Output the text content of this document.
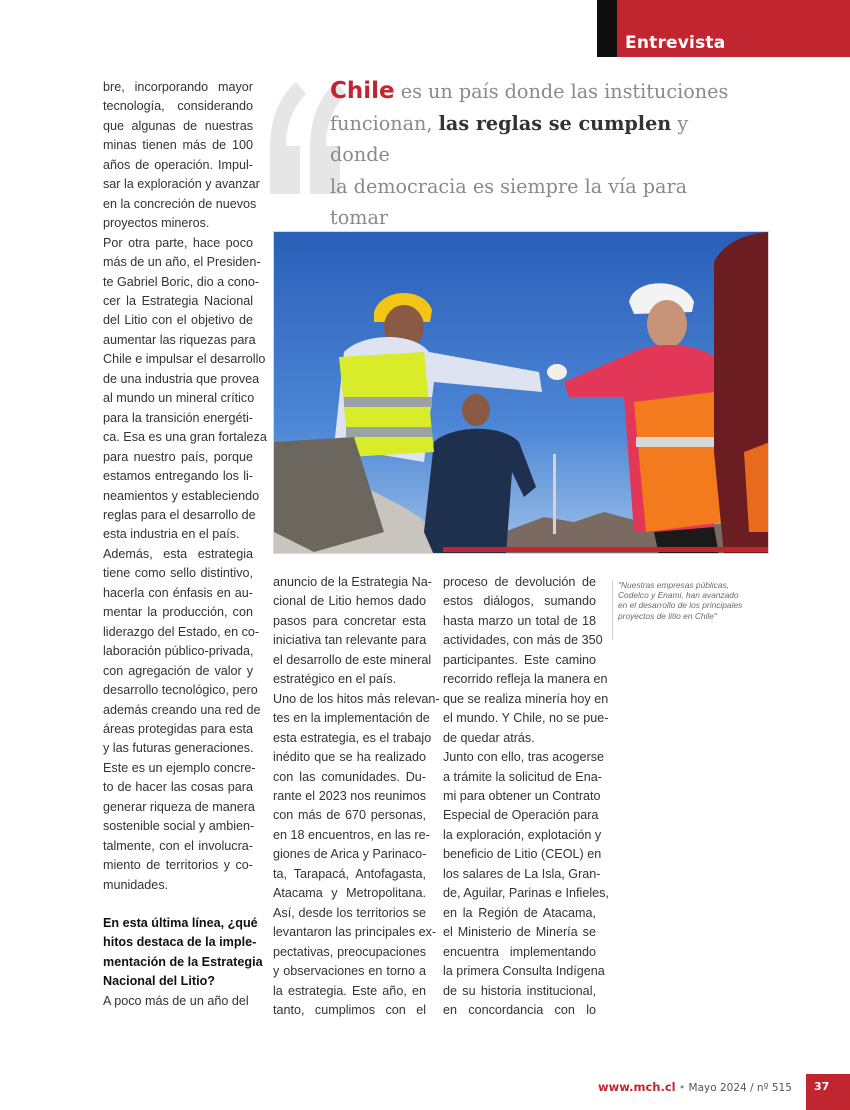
Entrevista
bre, incorporando mayor
tecnología, considerando
que algunas de nuestras
minas tienen más de 100
años de operación. Impul-
sar la exploración y avanzar
en la concreción de nuevos
proyectos mineros.
Por otra parte, hace poco
más de un año, el Presiden-
te Gabriel Boric, dio a cono-
cer la Estrategia Nacional
del Litio con el objetivo de
aumentar las riquezas para
Chile e impulsar el desarrollo
de una industria que provea
al mundo un mineral crítico
para la transición energéti-
ca. Esa es una gran fortaleza
para nuestro país, porque
estamos entregando los li-
neamientos y estableciendo
reglas para el desarrollo de
esta industria en el país.
Además, esta estrategia
tiene como sello distintivo,
hacerla con énfasis en au-
mentar la producción, con
liderazgo del Estado, en co-
laboración público-privada,
con agregación de valor y
desarrollo tecnológico, pero
además creando una red de
áreas protegidas para esta
y las futuras generaciones.
Este es un ejemplo concre-
to de hacer las cosas para
generar riqueza de manera
sostenible social y ambien-
talmente, con el involucra-
miento de territorios y co-
munidades.
En esta última línea, ¿qué
hitos destaca de la imple-
mentación de la Estrategia
Nacional del Litio?
A poco más de un año del
Chile es un país donde las instituciones
funcionan, las reglas se cumplen y donde
la democracia es siempre la vía para tomar
anuncio de la Estrategia Na-
cional de Litio hemos dado
pasos para concretar esta
iniciativa tan relevante para
el desarrollo de este mineral
estratégico en el país.
Uno de los hitos más relevan-
tes en la implementación de
esta estrategia, es el trabajo
inédito que se ha realizado
con las comunidades. Du-
rante el 2023 nos reunimos
con más de 670 personas,
en 18 encuentros, en las re-
giones de Arica y Parinaco-
ta, Tarapacá, Antofagasta,
Atacama y Metropolitana.
Así, desde los territorios se
levantaron las principales ex-
pectativas, preocupaciones
y observaciones en torno a
la estrategia. Este año, en
tanto, cumplimos con el
proceso de devolución de
estos diálogos, sumando
hasta marzo un total de 18
actividades, con más de 350
participantes. Este camino
recorrido refleja la manera en
que se realiza minería hoy en
el mundo. Y Chile, no se pue-
de quedar atrás.
Junto con ello, tras acogerse
a trámite la solicitud de Ena-
mi para obtener un Contrato
Especial de Operación para
la exploración, explotación y
beneficio de Litio (CEOL) en
los salares de La Isla, Gran-
de, Aguilar, Parinas e Infieles,
en la Región de Atacama,
el Ministerio de Minería se
encuentra implementando
la primera Consulta Indígena
de su historia institucional,
en concordancia con lo
"Nuestras empresas públicas,
Codelco y Enami, han avanzado
en el desarrollo de los principales
proyectos de litio en Chile"
www.mch.cl • Mayo 2024 / nº 515 37
